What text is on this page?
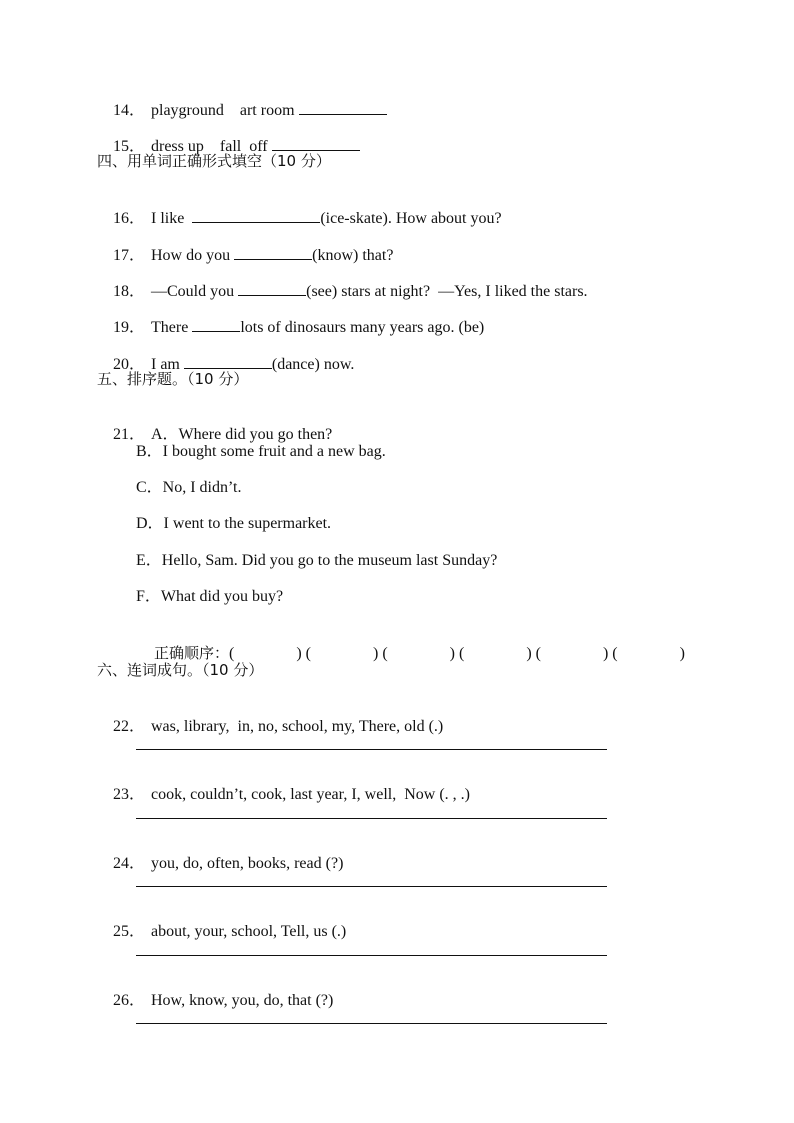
14． playground    art room

15． dress up    fall  off

四、用单词正确形式填空（10 分）

16． I like	(ice-skate). How about you?

17． How do you	(know) that?

18． —Could you	(see) stars at night?  —Yes, I liked the stars.

19． There	lots of dinosaurs many years ago. (be)

20． I am	(dance) now.

五、排序题。（10 分）

21． A．Where did you go then?

B．I bought some fruit and a new bag.
C．No, I didn’t.
D．I went to the supermarket.
E．Hello, Sam. Did you go to the museum last Sunday?
F．What did you buy?

正确顺序：(	) (	) (	) (	) (	) (	)

六、连词成句。（10 分）

22． was, library,  in, no, school, my, There, old (.)

23． cook, couldn’t, cook, last year, I, well,  Now (. , .)

24． you, do, often, books, read (?)

25． about, your, school, Tell, us (.)

26． How, know, you, do, that (?)
